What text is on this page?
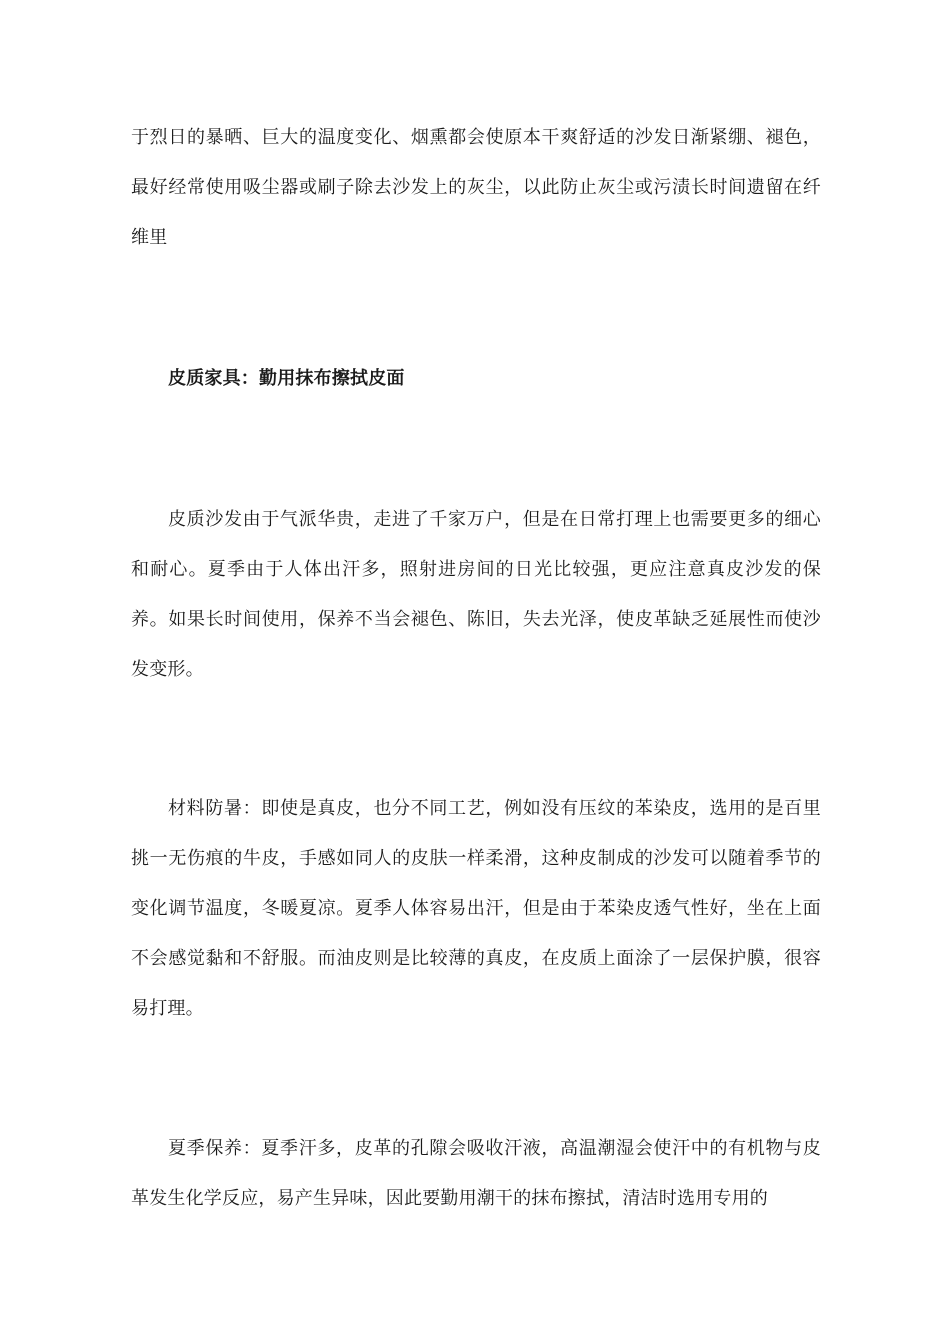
于烈日的暴晒、巨大的温度变化、烟熏都会使原本干爽舒适的沙发日渐紧绷、褪色，最好经常使用吸尘器或刷子除去沙发上的灰尘，以此防止灰尘或污渍长时间遗留在纤维里

皮质家具：勤用抹布擦拭皮面

皮质沙发由于气派华贵，走进了千家万户，但是在日常打理上也需要更多的细心和耐心。夏季由于人体出汗多，照射进房间的日光比较强，更应注意真皮沙发的保养。如果长时间使用，保养不当会褪色、陈旧，失去光泽，使皮革缺乏延展性而使沙发变形。

材料防暑：即使是真皮，也分不同工艺，例如没有压纹的苯染皮，选用的是百里挑一无伤痕的牛皮，手感如同人的皮肤一样柔滑，这种皮制成的沙发可以随着季节的变化调节温度，冬暖夏凉。夏季人体容易出汗，但是由于苯染皮透气性好，坐在上面不会感觉黏和不舒服。而油皮则是比较薄的真皮，在皮质上面涂了一层保护膜，很容易打理。

夏季保养：夏季汗多，皮革的孔隙会吸收汗液，高温潮湿会使汗中的有机物与皮革发生化学反应，易产生异味，因此要勤用潮干的抹布擦拭，清洁时选用专用的
